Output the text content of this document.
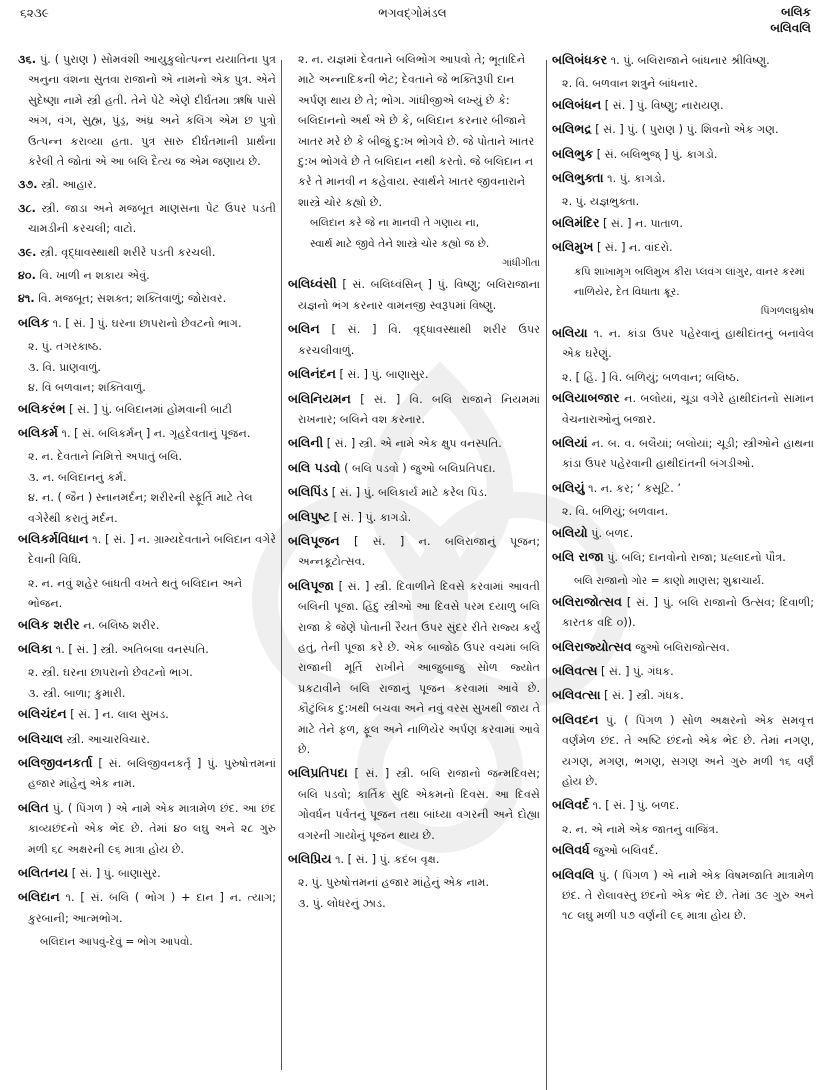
૬૨૩૯	ભગવદ્ગોમંડલ	બલિક
બલિવલિ

૩૬. પું. ( પુરાણ ) સોમવંશી આયુકુલોત્પન્ન યયાતિના પુત્ર અનુના વંશના સુતવા રાજાનો એ નામનો એક પુત્ર. એને સુદેષ્ણા નામે સ્ત્રી હતી. તેને પેટે એણે દીર્ઘતમા ઋષિ પાસે અંગ, વંગ, સુહ્મ, પુંડ્ર, અંધ્ર અને કલિંગ એમ છ પુત્રો ઉત્પન્ન કરાવ્યા હતા. પુત્ર સારુ દીર્ઘતમાની પ્રાર્થના કરેલી તે જોતાં એ આ બલિ દૈત્ય જ એમ જણાય છે.

૩૭. સ્ત્રી. આહાર.

૩૮. સ્ત્રી. જાડા અને મજબૂત માણસના પેટ ઉપર પડતી ચામડીની કરચલી; વાટો.

૩૯. સ્ત્રી. વૃદ્ધાવસ્થાથી શરીરે પડતી કરચલી.

૪૦. વિ. ખાળી ન શકાય એવું.

૪૧. વિ. મજબૂત; સશક્ત; શક્તિવાળું; જોરાવર.

બલિક ૧. [ સં. ] પું. ઘરના છાપરાનો છેવટનો ભાગ.

૨. પું. તગરકાષ્ઠ.

૩. વિ. પ્રાણવાળું.

૪. વિ બળવાન; શક્તિવાળું.

બલિકરંભ [ સં. ] પું. બલિદાનમાં હોમવાની બાટી

બલિકર્મ ૧. [ સં. બલિકર્મન્ ] ન. ગૃહદેવતાનું પૂજન.

૨. ન. દેવતાને નિમિત્તે અપાતું બલિ.

૩. ન. બલિદાનનું કર્મ.

૪. ન. ( જૈન ) સ્નાનમર્દન; શરીરની સ્ફૂર્તિ માટે તેલ વગેરેથી કરાતું મર્દન.

બલિકર્મવિધાન ૧. [ સં. ] ન. ગ્રામ્યદેવતાને બલિદાન વગેરે દેવાની વિધિ.

૨. ન. નવું શહેર બાંધતી વખતે થતું બલિદાન અને ભોજન.

બલિક શરીર ન. બલિષ્ઠ શરીર.

બલિકા ૧. [ સં. ] સ્ત્રી. અતિબલા વનસ્પતિ.

૨. સ્ત્રી. ઘરના છાપરાનો છેવટનો ભાગ.

૩. સ્ત્રી. બાળા; કુમારી.

બલિચંદન [ સં. ] ન. લાલ સુખડ.

બલિચાલ સ્ત્રી. આચારવિચાર.

બલિજીવનકર્તા [ સં. બલિજીવનકર્તૃ ] પું. પુરુષોત્તમનાં હજાર માંહેનું એક નામ.

બલિત પું. ( પિંગળ ) એ નામે એક માત્રામેળ છંદ. આ છંદ કાવ્યછંદનો એક ભેદ છે. તેમાં ૪૦ લઘુ અને ૨૮ ગુરુ મળી ૬૮ અક્ષરની ૯૬ માત્રા હોય છે.

બલિતનય [ સં. ] પું. બાણાસુર.

બલિદાન ૧. [ સં. બલિ ( ભોગ ) + દાન ] ન. ત્યાગ; કુરબાની; આત્મભોગ.

બલિદાન આપવું-દેવું = ભોગ આપવો.

૨. ન. યજ્ઞમાં દેવતાને બલિભોગ આપવો તે; ભૂતાદિને માટે અન્નાદિકની ભેટ; દેવતાને જે ભક્તિરૂપી દાન અર્પણ થાય છે તે; ભોગ. ગાંધીજીએ લખ્યું છે કે: બલિદાનનો અર્થ એ છે કે, બલિદાન કરનાર બીજાને ખાતર મરે છે કે બીજું દુ:ખ ભોગવે છે. જે પોતાને ખાતર દુ:ખ ભોગવે છે તે બલિદાન નથી કરતો. જે બલિદાન ન કરે તે માનવી ન કહેવાય. સ્વાર્થને ખાતર જીવનારાને શાસ્ત્રે ચોર કહ્યો છે.

બલિદાન કરે જે ના માનવી તે ગણાય ના,

સ્વાર્થ માટે જીવે તેને શાસ્ત્રે ચોર કહ્યો જ છે.

ગાંધીગીતા

બલિધ્વંસી [ સં. બલિધ્વંસિન્ ] પું. વિષ્ણુ; બલિરાજાના યજ્ઞનો ભંગ કરનાર વામનજી સ્વરૂપમાં વિષ્ણુ.

બલિન [ સં. ] વિ. વૃદ્ધાવસ્થાથી શરીર ઉપર કરચલીવાળું.

બલિનંદન [ સં. ] પું. બાણાસુર.

બલિનિયમન [ સં. ] વિ. બલિ રાજાને નિયમમાં રાખનાર; બલિને વશ કરનાર.

બલિની [ સં. ] સ્ત્રી. એ નામે એક ક્ષુપ વનસ્પતિ.

બલિ પડવો ( બલિ પડવો ) જુઓ બલિપ્રતિપદા.

બલિપિંડ [ સં. ] પું. બલિકાર્ય માટે કરેલ પિંડ.

બલિપુષ્ટ [ સં. ] પું. કાગડો.

બલિપૂજન [ સં. ] ન. બલિરાજાનું પૂજન; અન્નકૂટોત્સવ.

બલિપૂજા [ સં. ] સ્ત્રી. દિવાળીને દિવસે કરવામાં આવતી બલિની પૂજા. હિંદુ સ્ત્રીઓ આ દિવસે પરમ દયાળુ બલિ રાજા કે જેણે પોતાની રૈયત ઉપર સુંદર રીતે રાજ્ય કર્યું હતું, તેની પૂજા કરે છે. એક બાજોઠ ઉપર વચમાં બલિ રાજાની મૂર્તિ રાખીને આજુબાજુ સોળ જ્યોત પ્રકટાવીને બલિ રાજાનું પૂજન કરવામાં આવે છે. કૌટુંબિક દુ:ખથી બચવા અને નવું વરસ સુખથી જાય તે માટે તેને ફળ, ફૂલ અને નાળિયેર અર્પણ કરવામાં આવે છે.

બલિપ્રતિપદા [ સં. ] સ્ત્રી. બલિ રાજાનો જન્મદિવસ; બલિ પડવો; કાર્તિક સુદિ એકમનો દિવસ. આ દિવસે ગોવર્ધન પર્વતનું પૂજન તથા બાંધ્યા વગરની અને દોહ્યા વગરની ગાયોનું પૂજન થાય છે.

બલિપ્રિય ૧. [ સં. ] પું. કદંબ વૃક્ષ.

૨. પું. પુરુષોત્તમનાં હજાર માંહેનું એક નામ.

૩. પું. લોધરનું ઝાડ.

બલિબંધકર ૧. પું. બલિરાજાને બાંધનાર શ્રીવિષ્ણુ.

૨. વિ. બળવાન શત્રુને બાંધનાર.

બલિબંધન [ સં. ] પું. વિષ્ણુ; નારાયણ.

બલિભદ્ર [ સં. ] પું. ( પુરાણ ) પું. શિવનો એક ગણ.

બલિભુક [ સં. બલિભુજ્ ] પું. કાગડો.

બલિભુક્તા ૧. પું. કાગડો.

૨. પું. યજ્ઞભુક્તા.

બલિમંદિર [ સં. ] ન. પાતાળ.

બલિમુખ [ સં. ] ન. વાંદરો.

કપિ શાખામૃગ બલિમુખ કીરા પ્લવંગ લાંગુર, વાનર કરમાં નાળિયેર, દેત વિધાતા ક્રૂર.

પિંગળલઘુકોષ

બલિયા ૧. ન. કાંડા ઉપર પહેરવાનું હાથીદાંતનું બનાવેલ એક ઘરેણું.

૨. [ હિં. ] વિ. બળિયું; બળવાન; બલિષ્ઠ.

બલિયાબજાર ન. બલોયાં, ચૂડા વગેરે હાથીદાંતનો સામાન વેચનારાઓનું બજાર.

બલિયાં ન. બ. વ. બલૈયાં; બલોયાં; ચૂડી; સ્ત્રીઓને હાથના કાંડા ઉપર પહેરવાની હાથીદાંતની બંગડીઓ.

બલિયું ૧. ન. કર; ‘ કસૂટિ. ’

૨. વિ. બળિયું; બળવાન.

બલિયો પું. બળદ.

બલિ રાજા પું. બલિ; દાનવોનો રાજા; પ્રહ્લાદનો પૌત્ર.

બલિ રાજાનો ગોર = કાણો માણસ; શુક્રાચાર્ય.

બલિરાજોત્સવ [ સં. ] પું. બલિ રાજાનો ઉત્સવ; દિવાળી; કારતક વદિ ૦)).

બલિરાજ્યોત્સવ જુઓ બલિરાજોત્સવ.

બલિવત્સ [ સં. ] પું. ગંધક.

બલિવત્સા [ સં. ] સ્ત્રી. ગંધક.

બલિવદન પું. ( પિંગળ ) સોળ અક્ષરનો એક સમવૃત્ત વર્ણમેળ છંદ. તે અષ્ટિ છંદનો એક ભેદ છે. તેમાં નગણ, યગણ, મગણ, ભગણ, સગણ અને ગુરુ મળી ૧૬ વર્ણ હોય છે.

બલિવર્દ ૧. [ સં. ] પું. બળદ.

૨. ન. એ નામે એક જાતનું વાજિંત્ર.

બલિવર્ધ જુઓ બલિવર્દ.

બલિવલિ પું. ( પિંગળ ) એ નામે એક વિષમજાતિ માત્રામેળ છંદ. તે રોલાવસ્તુ છંદનો એક ભેદ છે. તેમાં ૩૯ ગુરુ અને ૧૮ લઘુ મળી ૫૭ વર્ણની ૯૬ માત્રા હોય છે.
